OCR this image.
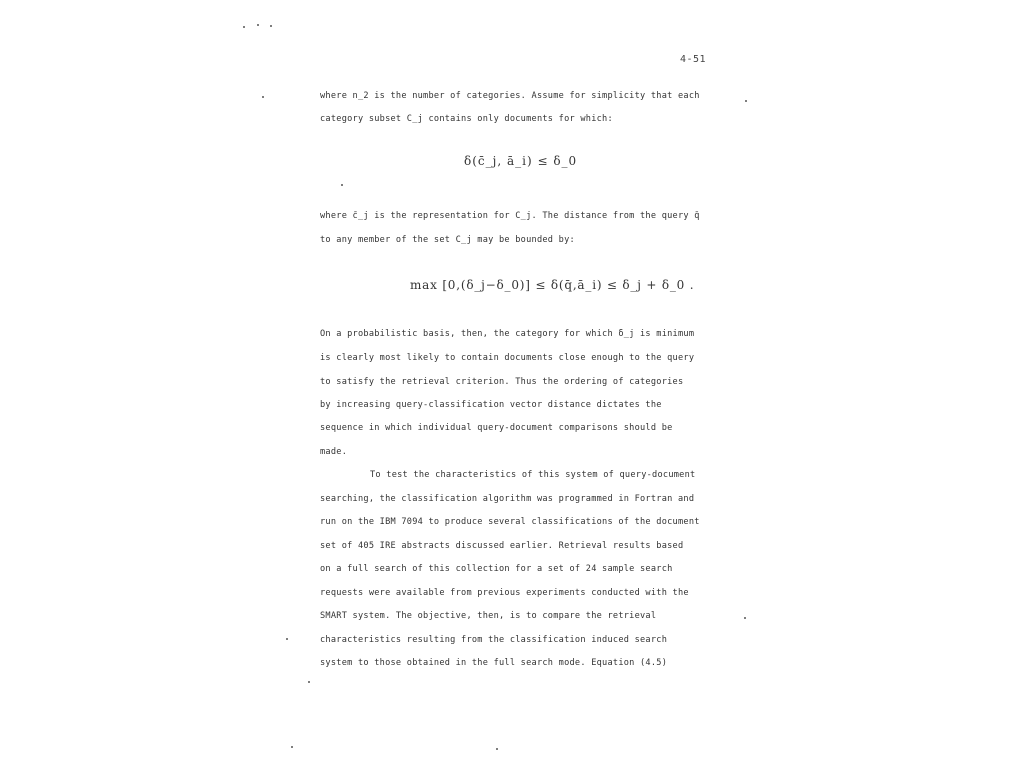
4-51
where n_2 is the number of categories. Assume for simplicity that each
category subset C_j contains only documents for which:
δ(c̄_j, ā_i) ≤ δ_0
where c̄_j is the representation for C_j. The distance from the query q̄
to any member of the set C_j may be bounded by:
max [0,(δ_j−δ_0)] ≤ δ(q̄,ā_i) ≤ δ_j + δ_0 .
On a probabilistic basis, then, the category for which δ_j is minimum
is clearly most likely to contain documents close enough to the query
to satisfy the retrieval criterion. Thus the ordering of categories
by increasing query-classification vector distance dictates the
sequence in which individual query-document comparisons should be
made.
To test the characteristics of this system of query-document
searching, the classification algorithm was programmed in Fortran and
run on the IBM 7094 to produce several classifications of the document
set of 405 IRE abstracts discussed earlier. Retrieval results based
on a full search of this collection for a set of 24 sample search
requests were available from previous experiments conducted with the
SMART system. The objective, then, is to compare the retrieval
characteristics resulting from the classification induced search
system to those obtained in the full search mode. Equation (4.5)
